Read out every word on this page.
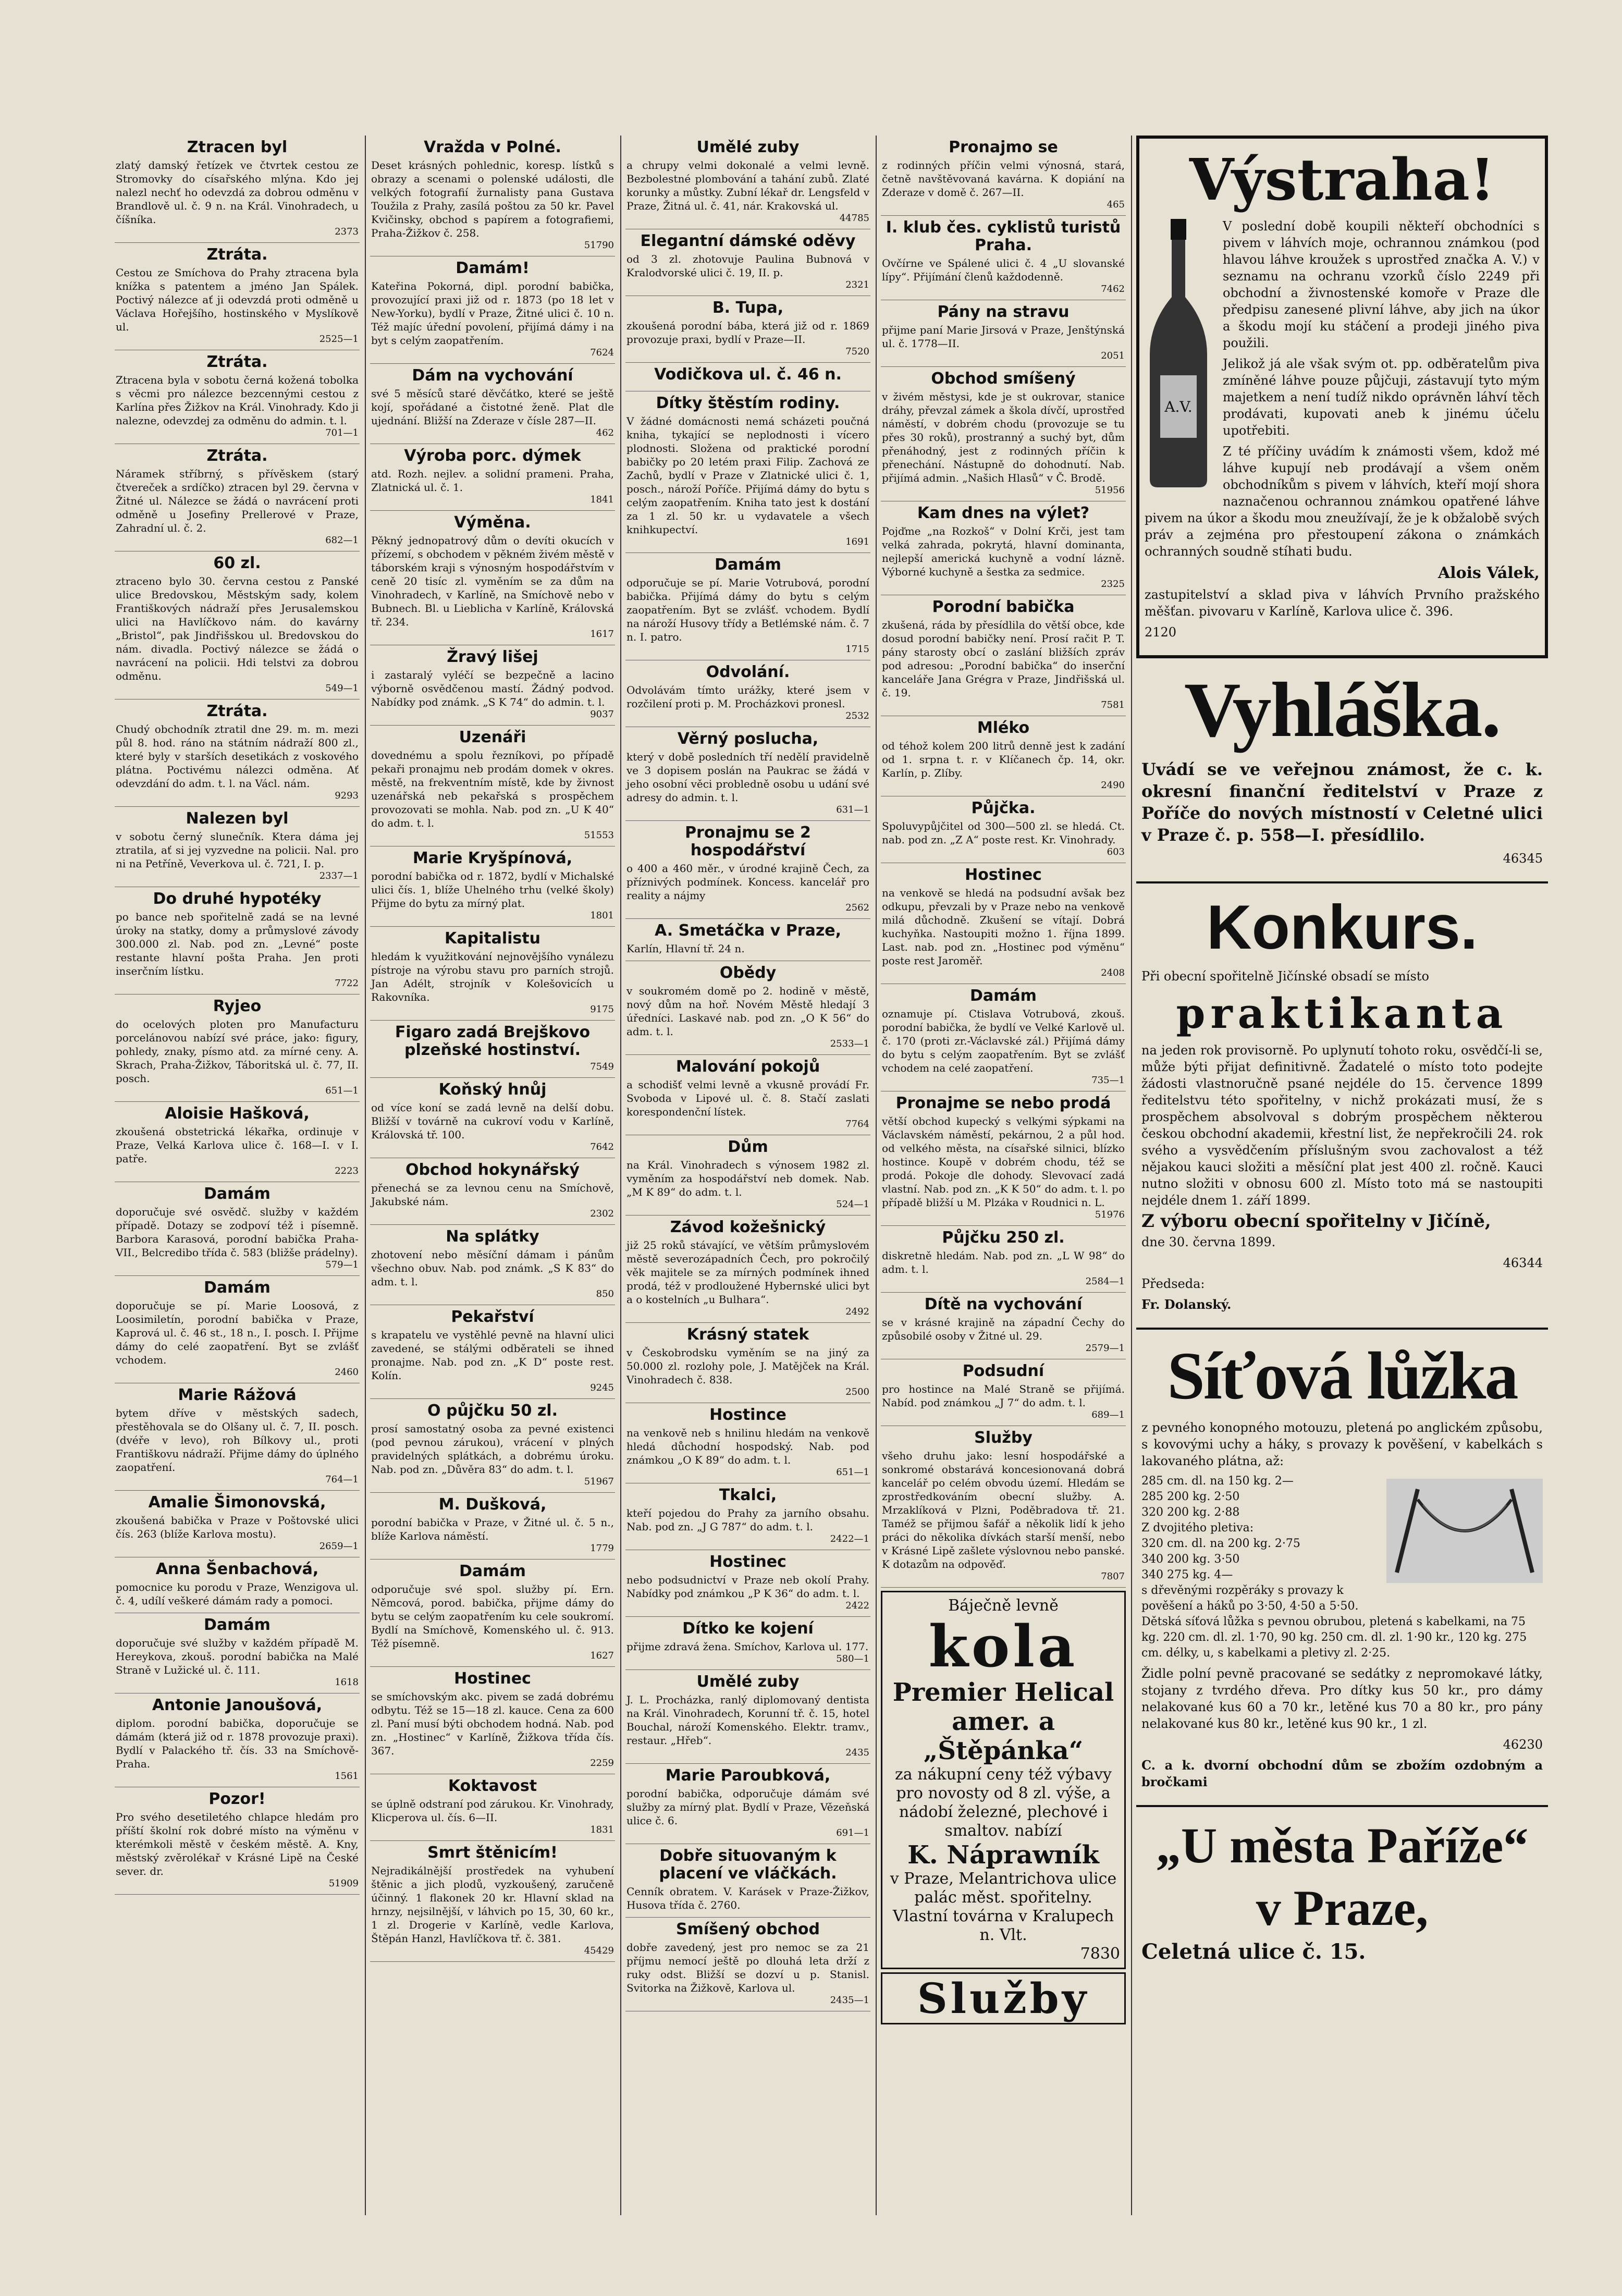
Ztracen byl

zlatý damský řetízek ve čtvrtek cestou ze Stromovky do císařského mlýna. Kdo jej nalezl nechť ho odevzdá za dobrou odměnu v Brandlově ul. č. 9 n. na Král. Vinohradech, u číšníka.

2373
Ztráta.

Cestou ze Smíchova do Prahy ztracena byla knížka s patentem a jméno Jan Spálek. Poctivý nálezce ať ji odevzdá proti odměně u Václava Hořejšího, hostinského v Myslíkově ul.

2525—1
Ztráta.

Ztracena byla v sobotu černá kožená tobolka s věcmi pro nálezce bezcennými cestou z Karlína přes Žižkov na Král. Vinohrady. Kdo ji nalezne, odevzdej za odměnu do admin. t. l.

701—1
Ztráta.

Náramek stříbrný, s přívěskem (starý čtvereček a srdíčko) ztracen byl 29. června v Žitné ul. Nálezce se žádá o navrácení proti odměně u Josefiny Prellerové v Praze, Zahradní ul. č. 2.

682—1
60 zl.

ztraceno bylo 30. června cestou z Panské ulice Bredovskou, Městským sady, kolem Františkových nádraží přes Jerusalemskou ulici na Havlíčkovo nám. do kavárny „Bristol“, pak Jindřišskou ul. Bredovskou do nám. divadla. Poctivý nálezce se žádá o navrácení na policii. Hdi telstvi za dobrou odměnu.

549—1
Ztráta.

Chudý obchodník ztratil dne 29. m. m. mezi půl 8. hod. ráno na státním nádraží 800 zl., které byly v starších desetikách z voskového plátna. Poctivému nálezci odměna. Ať odevzdání do adm. t. l. na Václ. nám.

9293
Nalezen byl

v sobotu černý slunečník. Ktera dáma jej ztratila, ať si jej vyzvedne na policii. Nal. pro ni na Petříně, Veverkova ul. č. 721, I. p.

2337—1
Do druhé hypotéky

po bance neb spořitelně zadá se na levné úroky na statky, domy a průmyslové závody 300.000 zl. Nab. pod zn. „Levné“ poste restante hlavní pošta Praha. Jen proti inserčním lístku.

7722
Ryjeo

do ocelových ploten pro Manufacturu porcelánovou nabízí své práce, jako: figury, pohledy, znaky, písmo atd. za mírné ceny. A. Skrach, Praha-Žižkov, Táboritská ul. č. 77, II. posch.

651—1
Aloisie Hašková,

zkoušená obstetrická lékařka, ordinuje v Praze, Velká Karlova ulice č. 168—I. v I. patře.

2223
Damám

doporučuje své osvědč. služby v každém případě. Dotazy se zodpoví též i písemně. Barbora Karasová, porodní babička Praha-VII., Belcredibo třída č. 583 (bližše prádelny).

579—1
Damám

doporučuje se pí. Marie Loosová, z Loosimiletín, porodní babička v Praze, Kaprová ul. č. 46 st., 18 n., I. posch. I. Přijme dámy do celé zaopatření. Byt se zvlášť vchodem.

2460
Marie Rážová

bytem dříve v městských sadech, přestěhovala se do Olšany ul. č. 7, II. posch. (dvéře v levo), roh Bílkovy ul., proti Františkovu nádraží. Přijme dámy do úplného zaopatření.

764—1
Amalie Šimonovská,

zkoušená babička v Praze v Poštovské ulici čís. 263 (blíže Karlova mostu).

2659—1
Anna Šenbachová,

pomocnice ku porodu v Praze, Wenzigova ul. č. 4, udílí veškeré dámám rady a pomoci.

Damám

doporučuje své služby v každém případě M. Hereykova, zkouš. porodní babička na Malé Straně v Lužické ul. č. 111.

1618
Antonie Janoušová,

diplom. porodní babička, doporučuje se dámám (která již od r. 1878 provozuje praxi). Bydlí v Palackého tř. čís. 33 na Smíchově-Praha.

1561
Pozor!

Pro svého desetiletého chlapce hledám pro příští školní rok dobré místo na výměnu v kterémkoli městě v českém městě. A. Kny, městský zvěrolékař v Krásné Lipě na České sever. dr.

51909
Vražda v Polné.

Deset krásných pohlednic, koresp. lístků s obrazy a scenami o polenské události, dle velkých fotografií žurnalisty pana Gustava Toužila z Prahy, zasílá poštou za 50 kr. Pavel Kvičinsky, obchod s papírem a fotografiemi, Praha-Žižkov č. 258.

51790
Damám!

Kateřina Pokorná, dipl. porodní babička, provozující praxi již od r. 1873 (po 18 let v New-Yorku), bydlí v Praze, Žitné ulici č. 10 n. Též majíc úřední povolení, přijímá dámy i na byt s celým zaopatřením.

7624
Dám na vychování

své 5 měsíců staré děvčátko, které se ještě kojí, spořádané a čistotné ženě. Plat dle ujednání. Bližší na Zderaze v čísle 287—II.

462
Výroba porc. dýmek

atd. Rozh. nejlev. a solidní prameni. Praha, Zlatnická ul. č. 1.

1841
Výměna.

Pěkný jednopatrový dům o devíti okucích v přízemí, s obchodem v pěkném živém městě v táborském kraji s výnosným hospodářstvím v ceně 20 tisíc zl. vyměním se za dům na Vinohradech, v Karlíně, na Smíchově nebo v Bubnech. Bl. u Lieblicha v Karlíně, Královská tř. 234.

1617
Žravý lišej

i zastaralý vyléčí se bezpečně a lacino výborně osvědčenou mastí. Žádný podvod. Nabídky pod známk. „S K 74“ do admin. t. l.

9037
Uzenáři

dovednému a spolu řezníkovi, po případě pekaři pronajmu neb prodám domek v okres. městě, na frekventním místě, kde by živnost uzenářská neb pekařská s prospěchem provozovati se mohla. Nab. pod zn. „U K 40“ do adm. t. l.

51553
Marie Kryšpínová,

porodní babička od r. 1872, bydlí v Michalské ulici čís. 1, blíže Uhelného trhu (velké školy) Přijme do bytu za mírný plat.

1801
Kapitalistu

hledám k využitkování nejnovějšího vynálezu pístroje na výrobu stavu pro parních strojů. Jan Adélt, strojník v Kolešovicích u Rakovníka.

9175
Figaro zadá Brejškovo plzeňské hostinství.

7549
Koňský hnůj

od více koní se zadá levně na delší dobu. Bližší v továrně na cukroví vodu v Karlíně, Královská tř. 100.

7642
Obchod hokynářský

přenechá se za levnou cenu na Smíchově, Jakubské nám.

2302
Na splátky

zhotovení nebo měsíční dámam i pánům všechno obuv. Nab. pod známk. „S K 83“ do adm. t. l.

850
Pekařství

s krapatelu ve vystěhlé pevně na hlavní ulici zavedené, se stálými odběrateli se ihned pronajme. Nab. pod zn. „K D“ poste rest. Kolín.

9245
O půjčku 50 zl.

prosí samostatný osoba za pevné existenci (pod pevnou zárukou), vrácení v plných pravidelných splátkách, a dobrému úroku. Nab. pod zn. „Důvěra 83“ do adm. t. l.

51967
M. Dušková,

porodní babička v Praze, v Žitné ul. č. 5 n., blíže Karlova náměstí.

1779
Damám

odporučuje své spol. služby pí. Ern. Němcová, porod. babička, přijme dámy do bytu se celým zaopatřením ku cele soukromí. Bydlí na Smíchově, Komenského ul. č. 913. Též písemně.

1627
Hostinec

se smíchovským akc. pivem se zadá dobrému odbytu. Též se 15—18 zl. kauce. Cena za 600 zl. Paní musí býti obchodem hodná. Nab. pod zn. „Hostinec“ v Karlíně, Žižkova třída čís. 367.

2259
Koktavost

se úplně odstraní pod zárukou. Kr. Vinohrady, Klicperova ul. čís. 6—II.

1831
Smrt štěnicím!

Nejradikálnější prostředek na vyhubení štěnic a jich plodů, vyzkoušený, zaručeně účinný. 1 flakonek 20 kr. Hlavní sklad na hrnzy, nejsilnější, v láhvich po 15, 30, 60 kr., 1 zl. Drogerie v Karlíně, vedle Karlova, Štěpán Hanzl, Havlíčkova tř. č. 381.

45429
Umělé zuby

a chrupy velmi dokonalé a velmi levně. Bezbolestné plombování a tahání zubů. Zlaté korunky a můstky. Zubní lékař dr. Lengsfeld v Praze, Žitná ul. č. 41, nár. Krakovská ul.

44785
Elegantní dámské oděvy

od 3 zl. zhotovuje Paulina Bubnová v Kralodvorské ulici č. 19, II. p.

2321
B. Tupa,

zkoušená porodní bába, která již od r. 1869 provozuje praxi, bydlí v Praze—II.

7520
Vodičkova ul. č. 46 n.

Dítky štěstím rodiny.

V žádné domácnosti nemá scházeti poučná kniha, tykající se neplodnosti i vícero plodnosti. Složena od praktické porodní babičky po 20 letém praxi Filip. Zachová ze Zachů, bydlí v Praze v Zlatnické ulici č. 1, posch., nároží Poříče. Přijímá dámy do bytu s celým zaopatřením. Kniha tato jest k dostání za 1 zl. 50 kr. u vydavatele a všech knihkupectví.

1691
Damám

odporučuje se pí. Marie Votrubová, porodní babička. Přijímá dámy do bytu s celým zaopatřením. Byt se zvlášť. vchodem. Bydlí na nároží Husovy třídy a Betlémské nám. č. 7 n. I. patro.

1715
Odvolání.

Odvolávám tímto urážky, které jsem v rozčilení proti p. M. Procházkovi pronesl.

2532
Věrný poslucha,

který v době posledních tří nedělí pravidelně ve 3 dopisem poslán na Paukrac se žádá v jeho osobní věci probledně osobu u udání své adresy do admin. t. l.

631—1
Pronajmu se 2 hospodářství

o 400 a 460 měr., v úrodné krajině Čech, za příznivých podmínek. Koncess. kancelář pro reality a nájmy

2562
A. Smetáčka v Praze,

Karlín, Hlavní tř. 24 n.

Obědy

v soukromém domě po 2. hodině v městě, nový dům na hoř. Novém Městě hledají 3 úředníci. Laskavé nab. pod zn. „O K 56“ do adm. t. l.

2533—1
Malování pokojů

a schodišť velmi levně a vkusně provádí Fr. Svoboda v Lipové ul. č. 8. Stačí zaslati korespondenční lístek.

7764
Dům

na Král. Vinohradech s výnosem 1982 zl. vyměním za hospodářství neb domek. Nab. „M K 89“ do adm. t. l.

524—1
Závod kožešnický

již 25 roků stávající, ve větším průmyslovém městě severozápadních Čech, pro pokročilý věk majitele se za mírných podmínek ihned prodá, též v prodloužené Hybernské ulici byt a o kostelních „u Bulhara“.

2492
Krásný statek

v Českobrodsku vyměním se na jiný za 50.000 zl. rozlohy pole, J. Matějček na Král. Vinohradech č. 838.

2500
Hostince

na venkově neb s hnilinu hledám na venkově hledá důchodní hospodský. Nab. pod známkou „O K 89“ do adm. t. l.

651—1
Tkalci,

kteří pojedou do Prahy za jarního obsahu. Nab. pod zn. „J G 787“ do adm. t. l.

2422—1
Hostinec

nebo podsudnictví v Praze neb okolí Prahy. Nabídky pod známkou „P K 36“ do adm. t. l.

2422
Dítko ke kojení

přijme zdravá žena. Smíchov, Karlova ul. 177.

580—1
Umělé zuby

J. L. Procházka, ranlý diplomovaný dentista na Král. Vinohradech, Korunní tř. č. 15, hotel Bouchal, nároží Komenského. Elektr. tramv., restaur. „Hřeb“.

2435
Marie Paroubková,

porodní babička, odporučuje dámám své služby za mírný plat. Bydlí v Praze, Vězeňská ulice č. 6.

691—1
Dobře situovaným k placení ve vláčkách.

Cenník obratem. V. Karásek v Praze-Žižkov, Husova třída č. 2760.

Smíšený obchod

dobře zavedený, jest pro nemoc se za 21 příjmu nemocí ještě po dlouhá leta drží z ruky odst. Bližší se dozví u p. Stanisl. Svitorka na Žižkově, Karlova ul.

2435—1
Pronajmo se

z rodinných příčin velmi výnosná, stará, četně navštěvovaná kavárna. K dopiání na Zderaze v domě č. 267—II.

465
I. klub čes. cyklistů turistů Praha.

Ovčírne ve Spálené ulici č. 4 „U slovanské lípy“. Přijímání členů každodenně.

7462
Pány na stravu

přijme paní Marie Jirsová v Praze, Jenštýnská ul. č. 1778—II.

2051
Obchod smíšený

v živém městysi, kde je st oukrovar, stanice dráhy, převzal zámek a škola dívčí, uprostřed náměstí, v dobrém chodu (provozuje se tu přes 30 roků), prostranný a suchý byt, dům přenáhodný, jest z rodinných příčin k přenechání. Nástupně do dohodnutí. Nab. přijímá admin. „Našich Hlasů“ v Č. Brodě.

51956
Kam dnes na výlet?

Pojďme „na Rozkoš“ v Dolní Krči, jest tam velká zahrada, pokrytá, hlavní dominanta, nejlepší americká kuchyně a vodní lázně. Výborné kuchyně a šestka za sedmice.

2325
Porodní babička

zkušená, ráda by přesídlila do větší obce, kde dosud porodní babičky není. Prosí račit P. T. pány starosty obcí o zaslání bližších zpráv pod adresou: „Porodní babička“ do inserční kanceláře Jana Grégra v Praze, Jindřišská ul. č. 19.

7581
Mléko

od téhož kolem 200 litrů denně jest k zadání od 1. srpna t. r. v Klíčanech čp. 14, okr. Karlín, p. Zlíby.

2490
Půjčka.

Spoluvypůjčitel od 300—500 zl. se hledá. Ct. nab. pod zn. „Z A“ poste rest. Kr. Vinohrady.

603
Hostinec

na venkově se hledá na podsudní avšak bez odkupu, převzali by v Praze nebo na venkově milá důchodně. Zkušení se vítají. Dobrá kuchyňka. Nastoupiti možno 1. října 1899. Last. nab. pod zn. „Hostinec pod výměnu“ poste rest Jaroměř.

2408
Damám

oznamuje pí. Ctislava Votrubová, zkouš. porodní babička, že bydlí ve Velké Karlově ul. č. 170 (proti zr.-Václavské zál.) Přijímá dámy do bytu s celým zaopatřením. Byt se zvlášť vchodem na celé zaopatření.

735—1
Pronajme se nebo prodá

větší obchod kupecký s velkými sýpkami na Václavském náměstí, pekárnou, 2 a půl hod. od velkého města, na císařské silnici, blízko hostince. Koupě v dobrém chodu, též se prodá. Pokoje dle dohody. Slevovací zadá vlastní. Nab. pod zn. „K K 50“ do adm. t. l. po případě bližší u M. Plzáka v Roudnici n. L.

51976
Půjčku 250 zl.

diskretně hledám. Nab. pod zn. „L W 98“ do adm. t. l.

2584—1
Dítě na vychování

se v krásné krajině na západní Čechy do způsobilé osoby v Žitné ul. 29.

2579—1
Podsudní

pro hostince na Malé Straně se přijímá. Nabíd. pod známkou „J 7“ do adm. t. l.

689—1
Služby

všeho druhu jako: lesní hospodářské a sonkromé obstarává koncesionovaná dobrá kancelář po celém obvodu území. Hledám se zprostředkováním obecní služby. A. Mrzaklíková v Plzni, Poděbradova tř. 21. Taméž se přijmou šafář a několik lidí k jeho práci do několika dívkách starší menší, nebo v Krásné Lipě zašlete výslovnou nebo panské. K dotazům na odpověď.

7807
Báječně levně
kola
Premier Helical
amer. a „Štěpánka“
za nákupní ceny též výbavy pro novosty od 8 zl. výše, a nádobí železné, plechové i smaltov. nabízí
K. Náprawník
v Praze, Melantrichova ulice palác měst. spořitelny. Vlastní továrna v Kralupech n. Vlt.
7830
Služby
Výstraha!
A.V.

V poslední době koupili někteří obchodníci s pivem v láhvích moje, ochrannou známkou (pod hlavou láhve kroužek s uprostřed značka A. V.) v seznamu na ochranu vzorků číslo 2249 při obchodní a živnostenské komoře v Praze dle předpisu zanesené plivní láhve, aby jich na úkor a škodu mojí ku stáčení a prodeji jiného piva použili.

Jelikož já ale však svým ot. pp. odběratelům piva zmíněné láhve pouze půjčuji, zástavují tyto mým majetkem a není tudíž nikdo oprávněn láhví těch prodávati, kupovati aneb k jinému účelu upotřebiti.

Z té příčiny uvádím k známosti všem, kdož mé láhve kupují neb prodávají a všem oněm obchodníkům s pivem v láhvích, kteří mojí shora naznačenou ochrannou známkou opatřené láhve pivem na úkor a škodu mou zneužívají, že je k obžalobě svých práv a zejména pro přestoupení zákona o známkách ochranných soudně stíhati budu.

Alois Válek,

zastupitelství a sklad piva v láhvích Prvního pražského měšťan. pivovaru v Karlíně, Karlova ulice č. 396.

2120

Vyhláška.

Uvádí se ve veřejnou známost, že c. k. okresní finanční ředitelství v Praze z Poříče do nových místností v Celetné ulici v Praze č. p. 558—I. přesídlilo.

46345

Konkurs.

Při obecní spořitelně Jičínské obsadí se místo

praktikanta

na jeden rok provisorně. Po uplynutí tohoto roku, osvědčí-li se, může býti přijat definitivně. Žadatelé o místo toto podejte žádosti vlastnoručně psané nejdéle do 15. července 1899 ředitelstvu této spořitelny, v nichž prokázati musí, že s prospěchem absolvoval s dobrým prospěchem některou českou obchodní akademii, křestní list, že nepřekročili 24. rok svého a vysvědčením příslušným svou zachovalost a též nějakou kauci složiti a měsíční plat jest 400 zl. ročně. Kauci nutno složiti v obnosu 600 zl. Místo toto má se nastoupiti nejdéle dnem 1. září 1899.

Z výboru obecní spořitelny v Jičíně,

dne 30. června 1899.

46344

Předseda:

Fr. Dolanský.

Síťová lůžka

z pevného konopného motouzu, pletená po anglickém způsobu, s kovovými uchy a háky, s provazy k pověšení, v kabelkách s lakovaného plátna, až:

285 cm. dl. na 150 kg. 2—
285 200 kg. 2·50
320 200 kg. 2·88
Z dvojitého pletiva:
320 cm. dl. na 200 kg. 2·75
340 200 kg. 3·50
340 275 kg. 4—
s dřevěnými rozpěráky s provazy k pověšení a háků po 3·50, 4·50 a 5·50.
Dětská síťová lůžka s pevnou obrubou, pletená s kabelkami, na 75 kg. 220 cm. dl. zl. 1·70, 90 kg. 250 cm. dl. zl. 1·90 kr., 120 kg. 275 cm. délky, u, s kabelkami a pletivy zl. 2·25.

Židle polní pevně pracované se sedátky z nepromokavé látky, stojany z tvrdého dřeva. Pro dítky kus 50 kr., pro dámy nelakované kus 60 a 70 kr., letěné kus 70 a 80 kr., pro pány nelakované kus 80 kr., letěné kus 90 kr., 1 zl.

46230

C. a k. dvorní obchodní dům se zbožím ozdobným a bročkami

„U města Paříže“ v Praze,

Celetná ulice č. 15.
